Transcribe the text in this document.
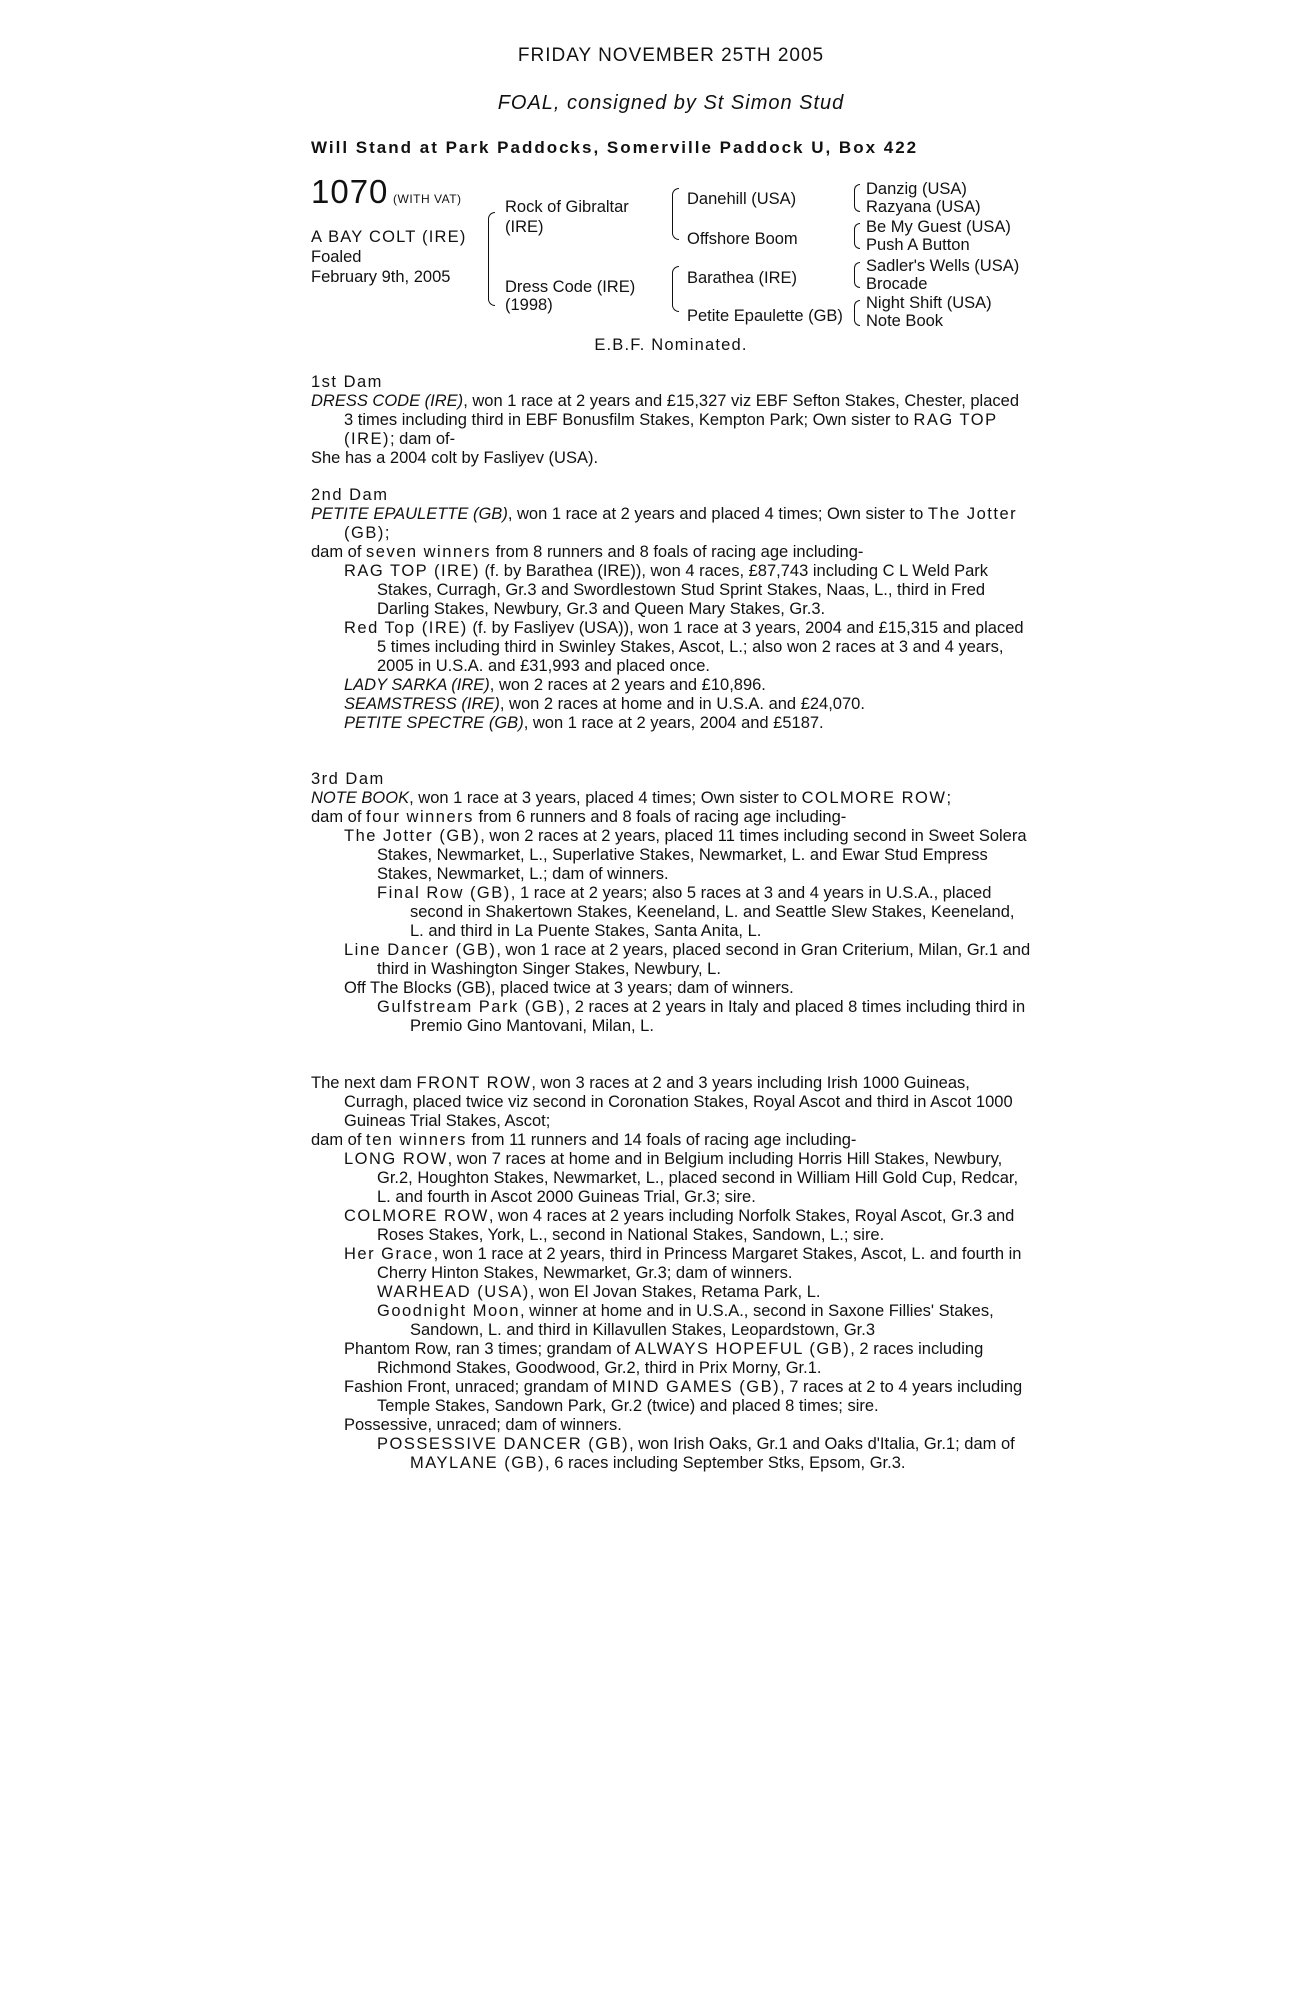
FRIDAY NOVEMBER 25TH 2005
FOAL, consigned by St Simon Stud
Will Stand at Park Paddocks, Somerville Paddock U, Box 422
1070 (WITH VAT)
A BAY COLT (IRE)
Foaled
February 9th, 2005
Rock of Gibraltar
(IRE)
Dress Code (IRE)
(1998)
Danehill (USA)
Offshore Boom
Barathea (IRE)
Petite Epaulette (GB)
Danzig (USA)
Razyana (USA)
Be My Guest (USA)
Push A Button
Sadler's Wells (USA)
Brocade
Night Shift (USA)
Note Book
E.B.F. Nominated.

1st Dam

DRESS CODE (IRE), won 1 race at 2 years and £15,327 viz EBF Sefton Stakes, Chester, placed 3 times including third in EBF Bonusfilm Stakes, Kempton Park; Own sister to RAG TOP (IRE); dam of-

She has a 2004 colt by Fasliyev (USA).

2nd Dam

PETITE EPAULETTE (GB), won 1 race at 2 years and placed 4 times; Own sister to The Jotter (GB);

dam of seven winners from 8 runners and 8 foals of racing age including-

RAG TOP (IRE) (f. by Barathea (IRE)), won 4 races, £87,743 including C L Weld Park Stakes, Curragh, Gr.3 and Swordlestown Stud Sprint Stakes, Naas, L., third in Fred Darling Stakes, Newbury, Gr.3 and Queen Mary Stakes, Gr.3.

Red Top (IRE) (f. by Fasliyev (USA)), won 1 race at 3 years, 2004 and £15,315 and placed 5 times including third in Swinley Stakes, Ascot, L.; also won 2 races at 3 and 4 years, 2005 in U.S.A. and £31,993 and placed once.

LADY SARKA (IRE), won 2 races at 2 years and £10,896.

SEAMSTRESS (IRE), won 2 races at home and in U.S.A. and £24,070.

PETITE SPECTRE (GB), won 1 race at 2 years, 2004 and £5187.

3rd Dam

NOTE BOOK, won 1 race at 3 years, placed 4 times; Own sister to COLMORE ROW;

dam of four winners from 6 runners and 8 foals of racing age including-

The Jotter (GB), won 2 races at 2 years, placed 11 times including second in Sweet Solera Stakes, Newmarket, L., Superlative Stakes, Newmarket, L. and Ewar Stud Empress Stakes, Newmarket, L.; dam of winners.

Final Row (GB), 1 race at 2 years; also 5 races at 3 and 4 years in U.S.A., placed second in Shakertown Stakes, Keeneland, L. and Seattle Slew Stakes, Keeneland, L. and third in La Puente Stakes, Santa Anita, L.

Line Dancer (GB), won 1 race at 2 years, placed second in Gran Criterium, Milan, Gr.1 and third in Washington Singer Stakes, Newbury, L.

Off The Blocks (GB), placed twice at 3 years; dam of winners.

Gulfstream Park (GB), 2 races at 2 years in Italy and placed 8 times including third in Premio Gino Mantovani, Milan, L.

The next dam FRONT ROW, won 3 races at 2 and 3 years including Irish 1000 Guineas, Curragh, placed twice viz second in Coronation Stakes, Royal Ascot and third in Ascot 1000 Guineas Trial Stakes, Ascot;

dam of ten winners from 11 runners and 14 foals of racing age including-

LONG ROW, won 7 races at home and in Belgium including Horris Hill Stakes, Newbury, Gr.2, Houghton Stakes, Newmarket, L., placed second in William Hill Gold Cup, Redcar, L. and fourth in Ascot 2000 Guineas Trial, Gr.3; sire.

COLMORE ROW, won 4 races at 2 years including Norfolk Stakes, Royal Ascot, Gr.3 and Roses Stakes, York, L., second in National Stakes, Sandown, L.; sire.

Her Grace, won 1 race at 2 years, third in Princess Margaret Stakes, Ascot, L. and fourth in Cherry Hinton Stakes, Newmarket, Gr.3; dam of winners.

WARHEAD (USA), won El Jovan Stakes, Retama Park, L.

Goodnight Moon, winner at home and in U.S.A., second in Saxone Fillies' Stakes, Sandown, L. and third in Killavullen Stakes, Leopardstown, Gr.3

Phantom Row, ran 3 times; grandam of ALWAYS HOPEFUL (GB), 2 races including Richmond Stakes, Goodwood, Gr.2, third in Prix Morny, Gr.1.

Fashion Front, unraced; grandam of MIND GAMES (GB), 7 races at 2 to 4 years including Temple Stakes, Sandown Park, Gr.2 (twice) and placed 8 times; sire.

Possessive, unraced; dam of winners.

POSSESSIVE DANCER (GB), won Irish Oaks, Gr.1 and Oaks d'Italia, Gr.1; dam of MAYLANE (GB), 6 races including September Stks, Epsom, Gr.3.
